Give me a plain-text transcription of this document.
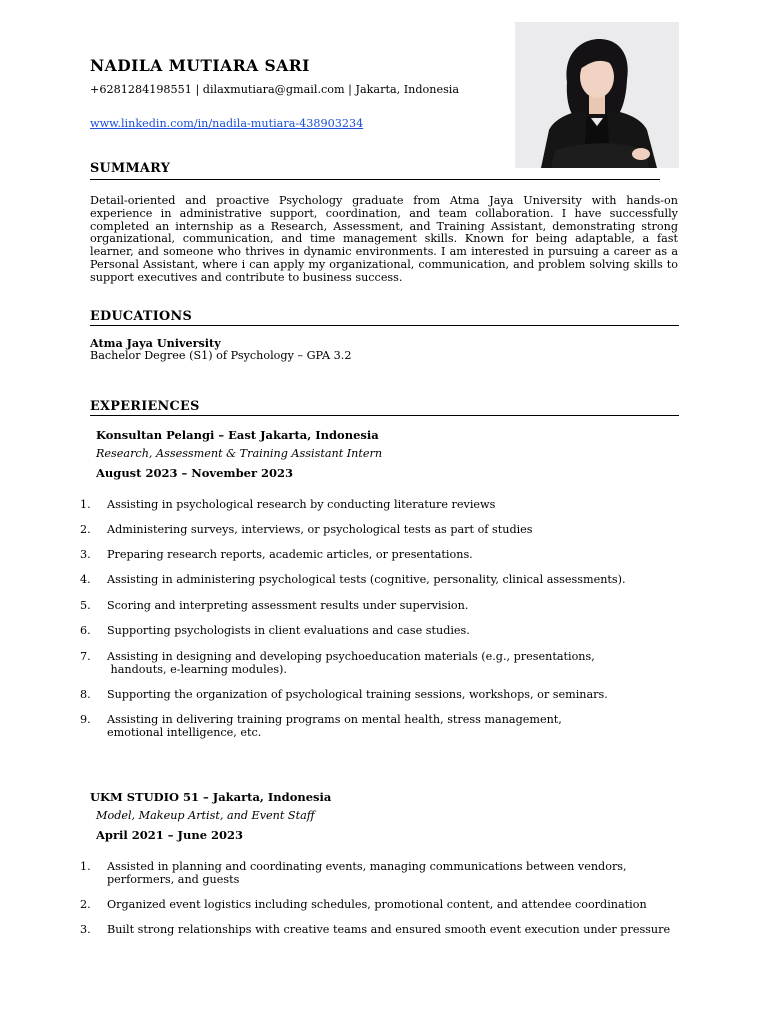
NADILA MUTIARA SARI
+6281284198551 | dilaxmutiara@gmail.com | Jakarta, Indonesia
www.linkedin.com/in/nadila-mutiara-438903234
SUMMARY
Detail-oriented and proactive Psychology graduate from Atma Jaya University with hands-on experience in administrative support, coordination, and team collaboration. I have successfully completed an internship as a Research, Assessment, and Training Assistant, demonstrating strong organizational, communication, and time management skills. Known for being adaptable, a fast learner, and someone who thrives in dynamic environments. I am interested in pursuing a career as a Personal Assistant, where i can apply my organizational, communication, and problem solving skills to support executives and contribute to business success.
EDUCATIONS
Atma Jaya University
Bachelor Degree (S1) of Psychology – GPA 3.2
EXPERIENCES
Konsultan Pelangi – East Jakarta, Indonesia
Research, Assessment & Training Assistant Intern
August 2023 – November 2023
1.	Assisting in psychological research by conducting literature reviews
2.	Administering surveys, interviews, or psychological tests as part of studies
3.	Preparing research reports, academic articles, or presentations.
4.	Assisting in administering psychological tests (cognitive, personality, clinical assessments).
5.	Scoring and interpreting assessment results under supervision.
6.	Supporting psychologists in client evaluations and case studies.
7.	Assisting in designing and developing psychoeducation materials (e.g., presentations,
handouts, e-learning modules).
8.	Supporting the organization of psychological training sessions, workshops, or seminars.
9.	Assisting in delivering training programs on mental health, stress management,
emotional intelligence, etc.
UKM STUDIO 51 – Jakarta, Indonesia
Model, Makeup Artist, and Event Staff
April 2021 – June 2023
1.	Assisted in planning and coordinating events, managing communications between vendors,
performers, and guests
2.	Organized event logistics including schedules, promotional content, and attendee coordination
3.	Built strong relationships with creative teams and ensured smooth event execution under pressure
